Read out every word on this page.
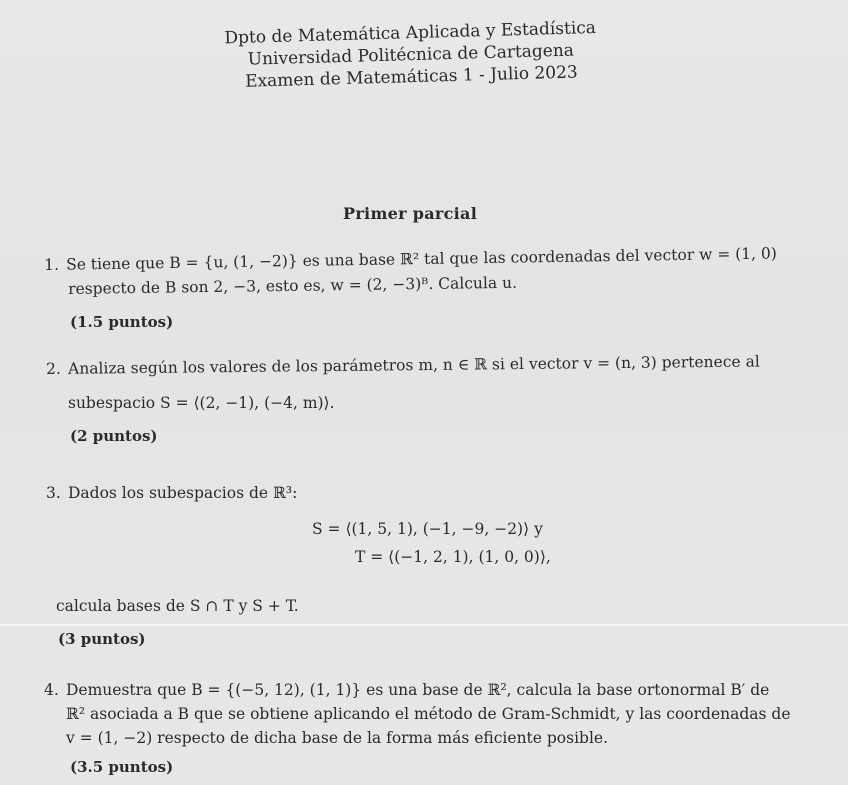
Dpto de Matemática Aplicada y Estadística
Universidad Politécnica de Cartagena
Examen de Matemáticas 1 - Julio 2023
Primer parcial
1. Se tiene que B = {u, (1, −2)} es una base ℝ² tal que las coordenadas del vector w = (1, 0)
respecto de B son 2, −3, esto es, w = (2, −3)ᴮ. Calcula u.
(1.5 puntos)
2. Analiza según los valores de los parámetros m, n ∈ ℝ si el vector v = (n, 3) pertenece al
subespacio S = ⟨(2, −1), (−4, m)⟩.
(2 puntos)
3. Dados los subespacios de ℝ³:
S = ⟨(1, 5, 1), (−1, −9, −2)⟩ y
T = ⟨(−1, 2, 1), (1, 0, 0)⟩,
calcula bases de S ∩ T y S + T.
(3 puntos)
4. Demuestra que B = {(−5, 12), (1, 1)} es una base de ℝ², calcula la base ortonormal B′ de
ℝ² asociada a B que se obtiene aplicando el método de Gram-Schmidt, y las coordenadas de
v = (1, −2) respecto de dicha base de la forma más eficiente posible.
(3.5 puntos)
